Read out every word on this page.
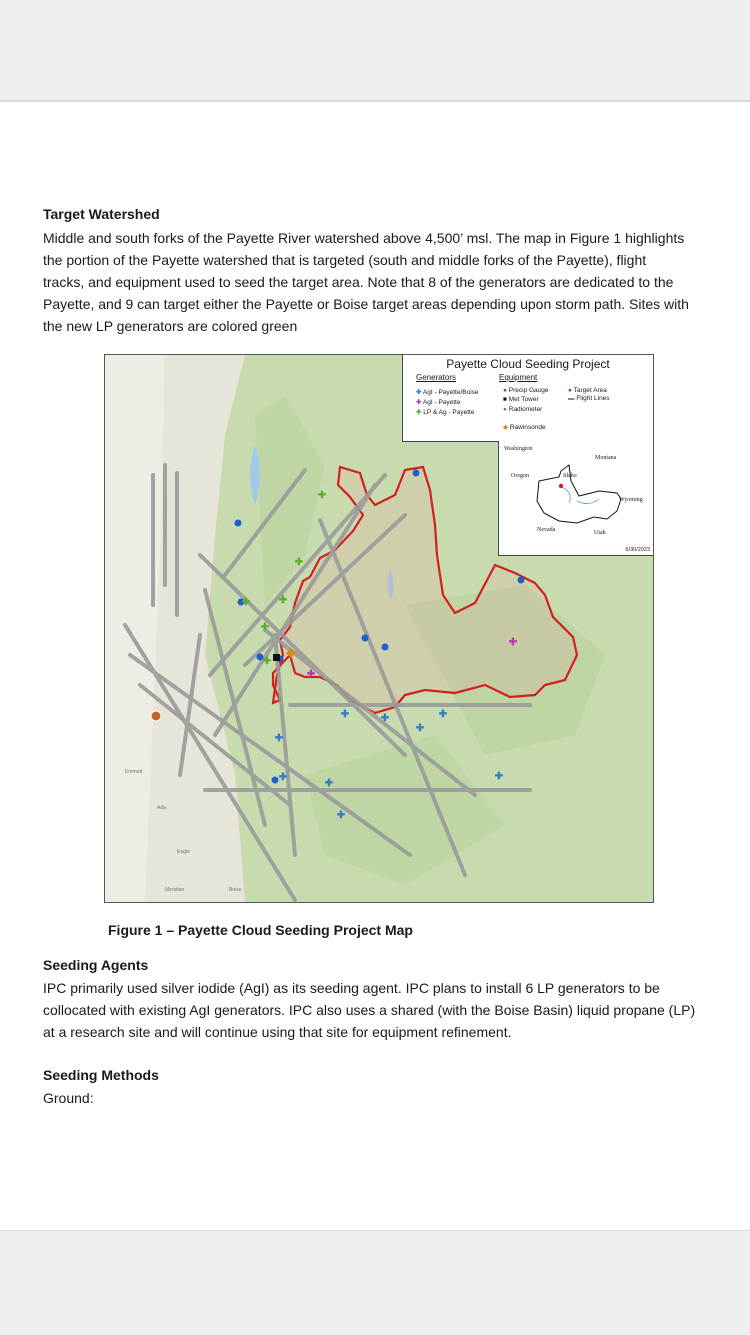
Target Watershed
Middle and south forks of the Payette River watershed above 4,500’ msl. The map in Figure 1 highlights
the portion of the Payette watershed that is targeted (south and middle forks of the Payette), flight
tracks, and equipment used to seed the target area. Note that 8 of the generators are dedicated to the
Payette, and 9 can target either the Payette or Boise target areas depending upon storm path. Sites with
the new LP generators are colored green
✚
✚
✚
✚
✚
✚
✚
✚
✚	✚
✚
✚
✚
✚
✚
✚
✚
Emmett
Ada
Eagle
Meridian	Boise
Payette Cloud Seeding Project
Generators	Equipment
✚ AgI - Payette/Boise
✚ AgI - Payette
✚ LP & Ag - Payette
● Precip Gauge
■ Met Tower
● Radiometer
◆ Rawinsonde
● Target Area
▬ Flight Lines
Washington
Montana
Oregon	Idaho
Wyoming
Nevada	Utah
6/30/2023
Figure 1 – Payette Cloud Seeding Project Map
Seeding Agents
IPC primarily used silver iodide (AgI) as its seeding agent. IPC plans to install 6 LP generators to be
collocated with existing AgI generators. IPC also uses a shared (with the Boise Basin) liquid propane (LP)
at a research site and will continue using that site for equipment refinement.
Seeding Methods
Ground:
